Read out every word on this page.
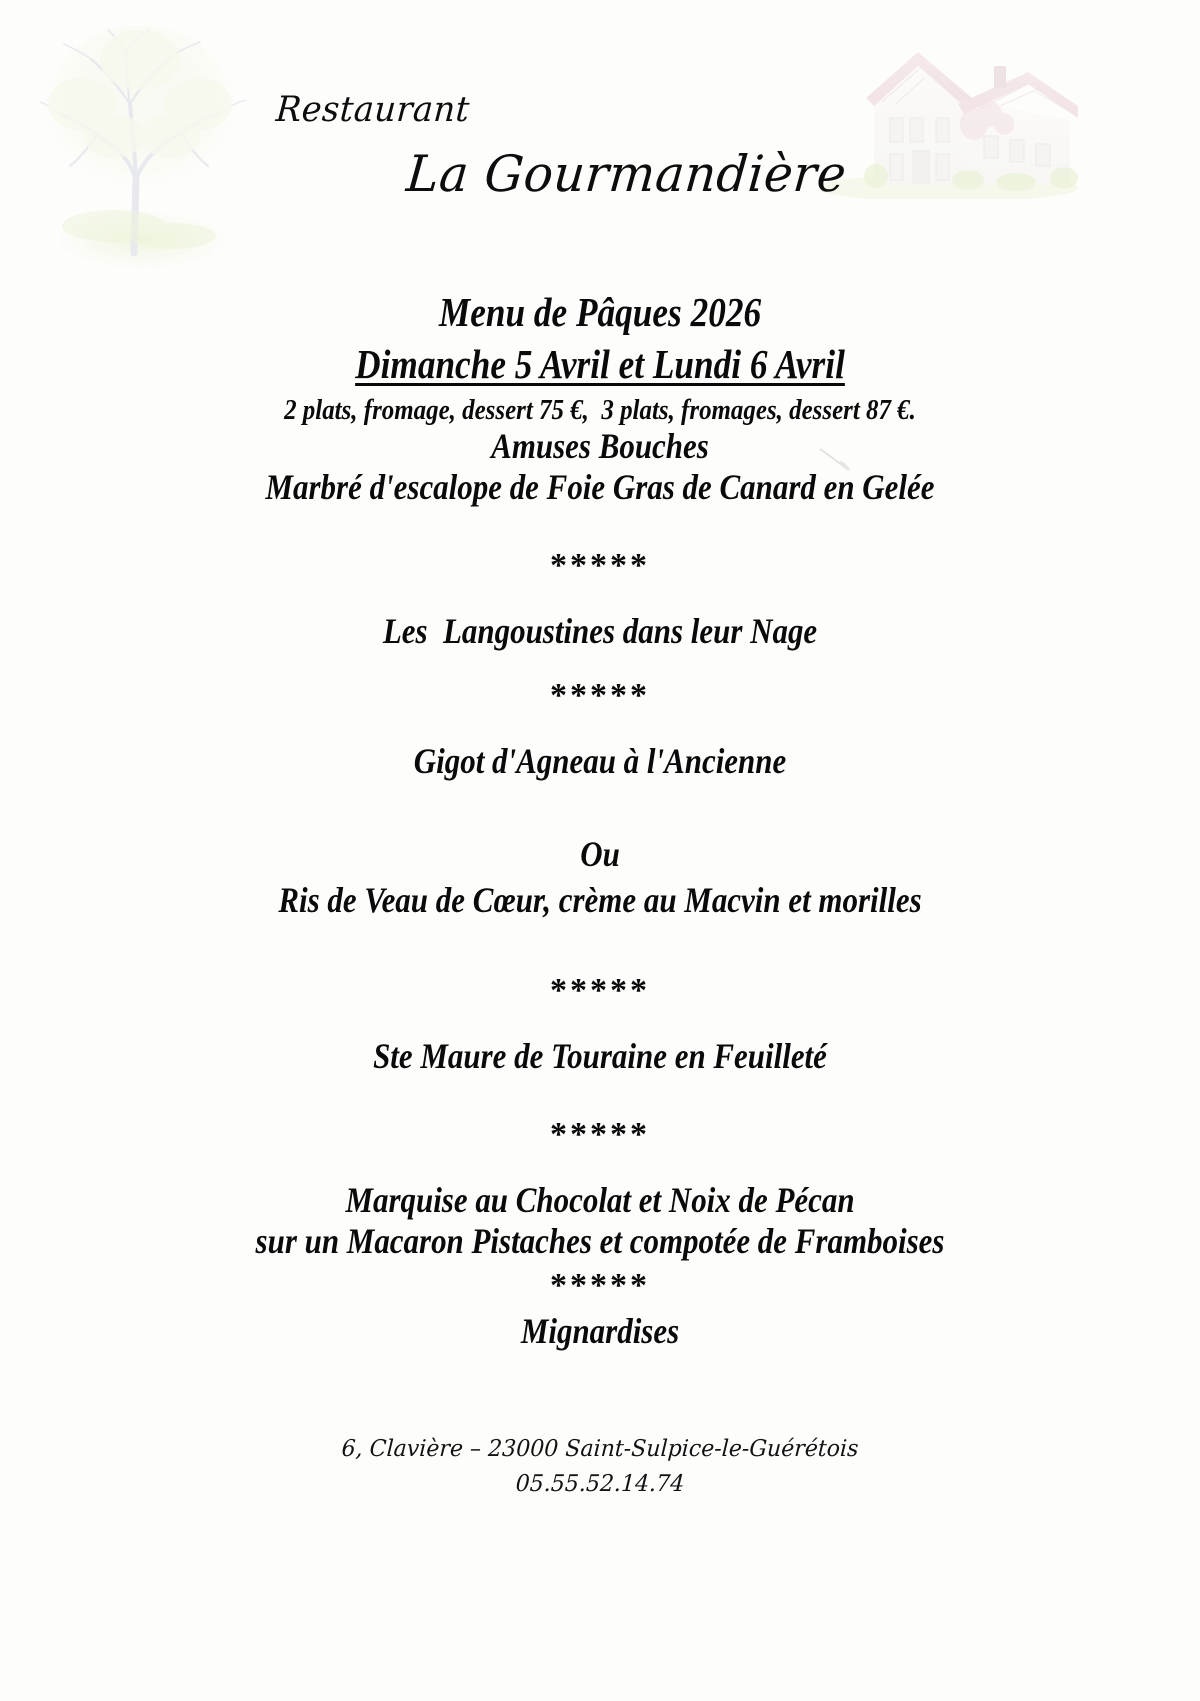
Restaurant
La Gourmandière
Menu de Pâques 2026
Dimanche 5 Avril et Lundi 6 Avril
2 plats, fromage, dessert 75 €,  3 plats, fromages, dessert 87 €.
Amuses Bouches
Marbré d'escalope de Foie Gras de Canard en Gelée
*****
Les  Langoustines dans leur Nage
*****
Gigot d'Agneau à l'Ancienne
Ou
Ris de Veau de Cœur, crème au Macvin et morilles
*****
Ste Maure de Touraine en Feuilleté
*****
Marquise au Chocolat et Noix de Pécan
sur un Macaron Pistaches et compotée de Framboises
*****
Mignardises
6, Clavière – 23000 Saint-Sulpice-le-Guérétois
05.55.52.14.74
